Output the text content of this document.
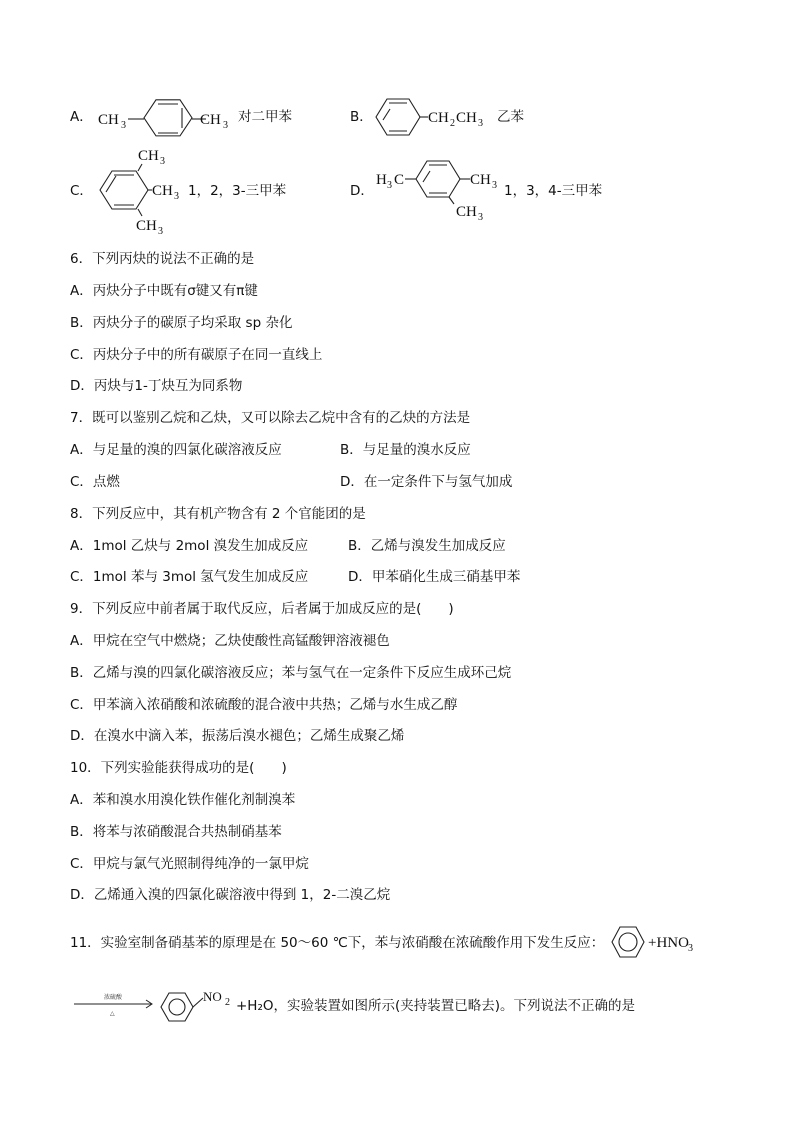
A． CH 3	CH 3
对二甲苯	B．	CH 2 CH 3 乙苯
C．
CH 3
CH 3
CH 3
1，2，3-三甲苯	D．
H 3 C	CH 3
CH 3
1，3，4-三甲苯
6．下列丙炔的说法不正确的是
A．丙炔分子中既有σ键又有π键
B．丙炔分子的碳原子均采取 sp 杂化
C．丙炔分子中的所有碳原子在同一直线上
D．丙炔与1-丁炔互为同系物
7．既可以鉴别乙烷和乙炔，又可以除去乙烷中含有的乙炔的方法是
A．与足量的溴的四氯化碳溶液反应	B．与足量的溴水反应
C．点燃	D．在一定条件下与氢气加成
8．下列反应中，其有机产物含有 2 个官能团的是
A．1mol 乙炔与 2mol 溴发生加成反应	B．乙烯与溴发生加成反应
C．1mol 苯与 3mol 氢气发生加成反应	D．甲苯硝化生成三硝基甲苯
9．下列反应中前者属于取代反应，后者属于加成反应的是(　　)
A．甲烷在空气中燃烧；乙炔使酸性高锰酸钾溶液褪色
B．乙烯与溴的四氯化碳溶液反应；苯与氢气在一定条件下反应生成环己烷
C．甲苯滴入浓硝酸和浓硫酸的混合液中共热；乙烯与水生成乙醇
D．在溴水中滴入苯，振荡后溴水褪色；乙烯生成聚乙烯
10．下列实验能获得成功的是(　　)
A．苯和溴水用溴化铁作催化剂制溴苯
B．将苯与浓硝酸混合共热制硝基苯
C．甲烷与氯气光照制得纯净的一氯甲烷
D．乙烯通入溴的四氯化碳溶液中得到 1，2-二溴乙烷
11．实验室制备硝基苯的原理是在 50～60 ℃下，苯与浓硝酸在浓硫酸作用下发生反应：	+HNO 3
浓硫酸
△
NO 2 +H₂O，实验装置如图所示(夹持装置已略去)。下列说法不正确的是
